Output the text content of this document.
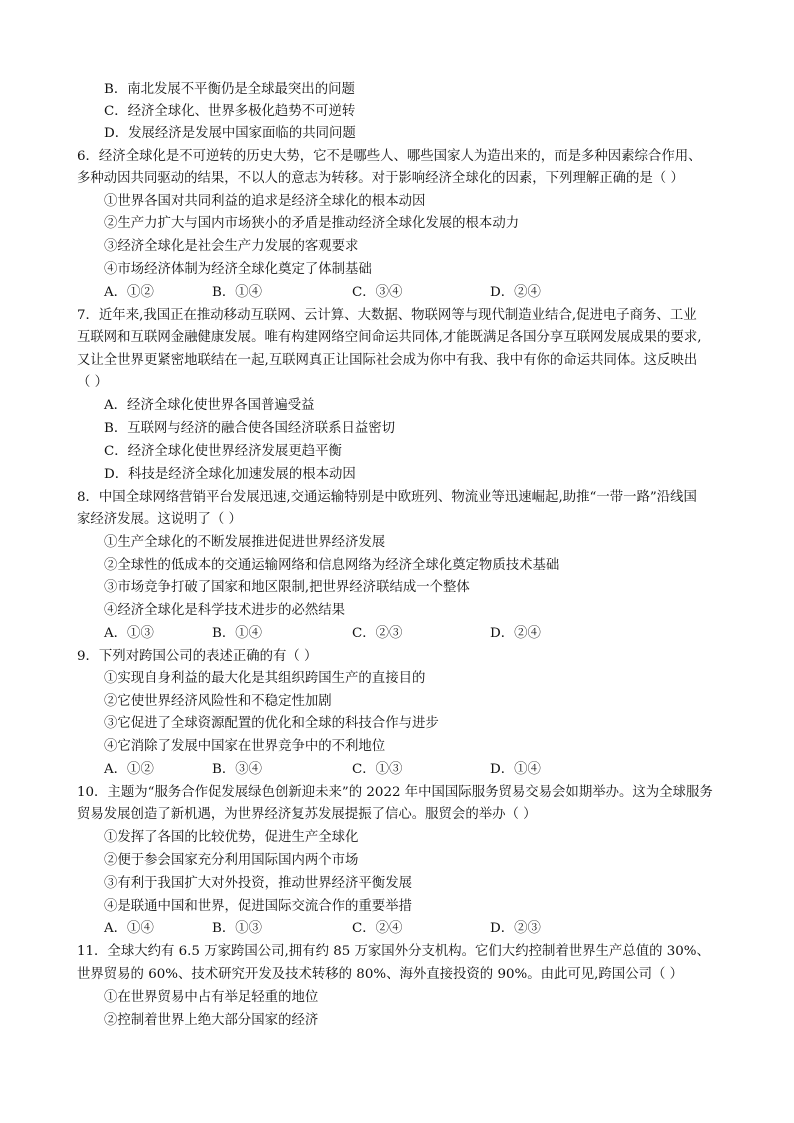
B．南北发展不平衡仍是全球最突出的问题
C．经济全球化、世界多极化趋势不可逆转
D．发展经济是发展中国家面临的共同问题
6．经济全球化是不可逆转的历史大势，它不是哪些人、哪些国家人为造出来的，而是多种因素综合作用、
多种动因共同驱动的结果，不以人的意志为转移。对于影响经济全球化的因素，下列理解正确的是（ ）
①世界各国对共同利益的追求是经济全球化的根本动因
②生产力扩大与国内市场狭小的矛盾是推动经济全球化发展的根本动力
③经济全球化是社会生产力发展的客观要求
④市场经济体制为经济全球化奠定了体制基础
A．①②	B．①④	C．③④	D．②④
7．近年来,我国正在推动移动互联网、云计算、大数据、物联网等与现代制造业结合,促进电子商务、工业
互联网和互联网金融健康发展。唯有构建网络空间命运共同体,才能既满足各国分享互联网发展成果的要求,
又让全世界更紧密地联结在一起,互联网真正让国际社会成为你中有我、我中有你的命运共同体。这反映出
（ ）
A．经济全球化使世界各国普遍受益
B．互联网与经济的融合使各国经济联系日益密切
C．经济全球化使世界经济发展更趋平衡
D．科技是经济全球化加速发展的根本动因
8．中国全球网络营销平台发展迅速,交通运输特别是中欧班列、物流业等迅速崛起,助推“一带一路”沿线国
家经济发展。这说明了（ ）
①生产全球化的不断发展推进促进世界经济发展
②全球性的低成本的交通运输网络和信息网络为经济全球化奠定物质技术基础
③市场竞争打破了国家和地区限制,把世界经济联结成一个整体
④经济全球化是科学技术进步的必然结果
A．①③	B．①④	C．②③	D．②④
9．下列对跨国公司的表述正确的有（ ）
①实现自身利益的最大化是其组织跨国生产的直接目的
②它使世界经济风险性和不稳定性加剧
③它促进了全球资源配置的优化和全球的科技合作与进步
④它消除了发展中国家在世界竞争中的不利地位
A．①②	B．③④	C．①③	D．①④
10．主题为“服务合作促发展绿色创新迎未来”的 2022 年中国国际服务贸易交易会如期举办。这为全球服务
贸易发展创造了新机遇，为世界经济复苏发展提振了信心。服贸会的举办（ ）
①发挥了各国的比较优势，促进生产全球化
②便于参会国家充分利用国际国内两个市场
③有利于我国扩大对外投资，推动世界经济平衡发展
④是联通中国和世界，促进国际交流合作的重要举措
A．①④	B．①③	C．②④	D．②③
11．全球大约有 6.5 万家跨国公司,拥有约 85 万家国外分支机构。它们大约控制着世界生产总值的 30%、
世界贸易的 60%、技术研究开发及技术转移的 80%、海外直接投资的 90%。由此可见,跨国公司（ ）
①在世界贸易中占有举足轻重的地位
②控制着世界上绝大部分国家的经济
